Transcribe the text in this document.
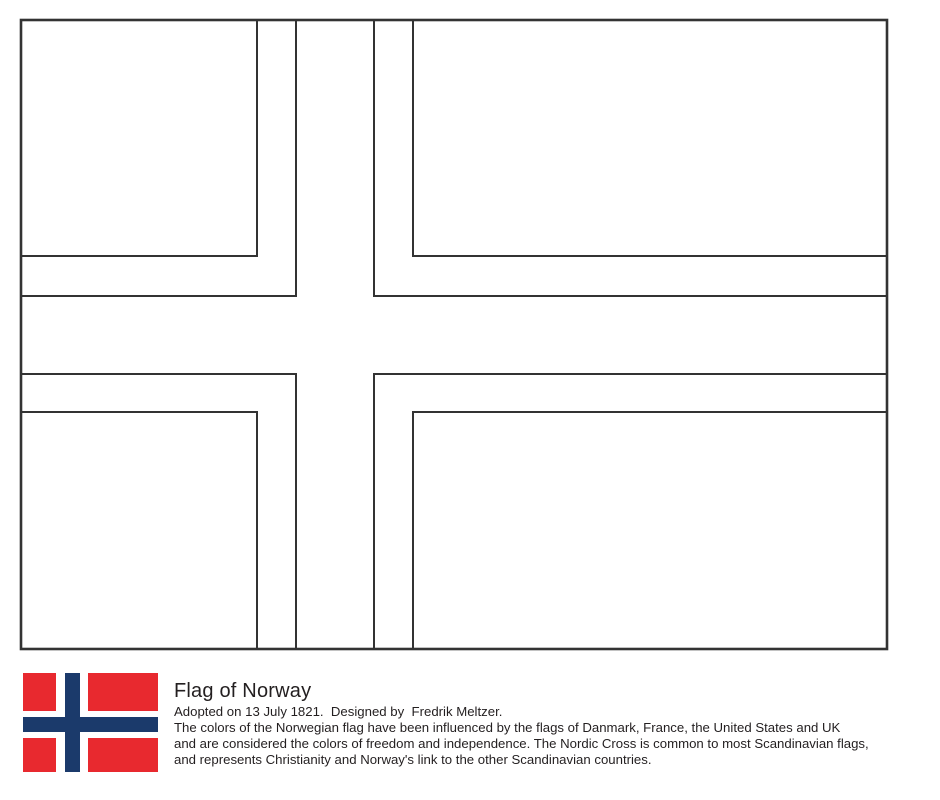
Flag of Norway
Adopted on 13 July 1821.  Designed by  Fredrik Meltzer.
The colors of the Norwegian flag have been influenced by the flags of Danmark, France, the United States and UK
and are considered the colors of freedom and independence. The Nordic Cross is common to most Scandinavian flags,
and represents Christianity and Norway's link to the other Scandinavian countries.
